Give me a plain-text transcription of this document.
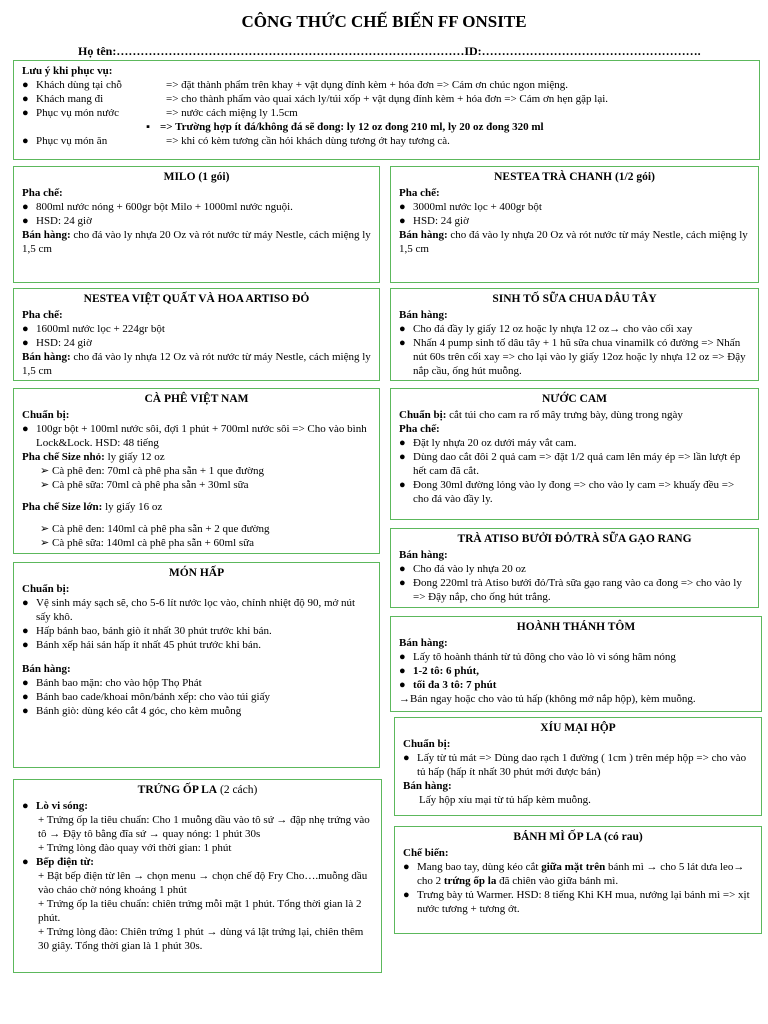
CÔNG THỨC CHẾ BIẾN FF ONSITE
Họ tên:……………………………………………………………………………ID:……………………………………………….
Lưu ý khi phục vụ:
● Khách dùng tại chỗ	=> đặt thành phẩm trên khay + vật dụng đính kèm + hóa đơn => Cám ơn chúc ngon miệng.
● Khách mang đi	=> cho thành phẩm vào quai xách ly/túi xốp + vật dụng đính kèm + hóa đơn => Cám ơn hẹn gặp lại.
● Phục vụ món nước	=> nước cách miệng ly 1.5cm
▪ => Trường hợp ít đá/không đá sẽ đong: ly 12 oz đong 210 ml, ly 20 oz đong 320 ml
● Phục vụ món ăn	=> khi có kèm tương cần hỏi khách dùng tương ớt hay tương cà.
MILO (1 gói)
Pha chế:
● 800ml nước nóng + 600gr bột Milo + 1000ml nước nguội.
● HSD: 24 giờ
Bán hàng: cho đá vào ly nhựa 20 Oz và rót nước từ máy Nestle, cách miệng ly 1,5 cm
NESTEA TRÀ CHANH (1/2 gói)
Pha chế:
● 3000ml nước lọc + 400gr bột
● HSD: 24 giờ
Bán hàng: cho đá vào ly nhựa 20 Oz và rót nước từ máy Nestle, cách miệng ly 1,5 cm
NESTEA VIỆT QUẤT VÀ HOA ARTISO ĐỎ
Pha chế:
● 1600ml nước lọc + 224gr bột
● HSD: 24 giờ
Bán hàng: cho đá vào ly nhựa 12 Oz và rót nước từ máy Nestle, cách miệng ly 1,5 cm
SINH TỐ SỮA CHUA DÂU TÂY
Bán hàng:
● Cho đá đầy ly giấy 12 oz hoặc ly nhựa 12 oz→ cho vào cối xay
● Nhấn 4 pump sinh tố dâu tây + 1 hũ sữa chua vinamilk có đường => Nhấn nút 60s trên cối xay => cho lại vào ly giấy 12oz hoặc ly nhựa 12 oz => Đậy nắp cầu, ống hút muỗng.
CÀ PHÊ VIỆT NAM
Chuẩn bị:
● 100gr bột + 100ml nước sôi, đợi 1 phút + 700ml nước sôi => Cho vào bình Lock&Lock. HSD: 48 tiếng
Pha chế Size nhỏ: ly giấy 12 oz
➢ Cà phê đen: 70ml cà phê pha sẵn + 1 que đường
➢ Cà phê sữa: 70ml cà phê pha sẵn + 30ml sữa
Pha chế Size lớn: ly giấy 16 oz
➢ Cà phê đen: 140ml cà phê pha sẵn + 2 que đường
➢ Cà phê sữa: 140ml cà phê pha sẵn + 60ml sữa
NƯỚC CAM
Chuẩn bị: cắt túi cho cam ra rổ mây trưng bày, dùng trong ngày
Pha chế:
● Đặt ly nhựa 20 oz dưới máy vắt cam.
● Dùng dao cắt đôi 2 quả cam => đặt 1/2 quả cam lên máy ép => lần lượt ép hết cam đã cắt.
● Đong 30ml đường lỏng vào ly đong => cho vào ly cam => khuấy đều => cho đá vào đầy ly.
TRÀ ATISO BƯỞI ĐỎ/TRÀ SỮA GẠO RANG
Bán hàng:
● Cho đá vào ly nhựa 20 oz
● Đong 220ml trà Atiso bưởi đỏ/Trà sữa gạo rang vào ca đong => cho vào ly => Đậy nắp, cho ống hút trắng.
MÓN HẤP
Chuẩn bị:
● Vệ sinh máy sạch sẽ, cho 5-6 lít nước lọc vào, chỉnh nhiệt độ 90, mở nút sấy khô.
● Hấp bánh bao, bánh giò ít nhất 30 phút trước khi bán.
● Bánh xếp hải sản hấp ít nhất 45 phút trước khi bán.
Bán hàng:
● Bánh bao mặn: cho vào hộp Thọ Phát
● Bánh bao cade/khoai môn/bánh xếp: cho vào túi giấy
● Bánh giò: dùng kéo cắt 4 góc, cho kèm muỗng
HOÀNH THÁNH TÔM
Bán hàng:
● Lấy tô hoành thánh từ tủ đông cho vào lò vi sóng hâm nóng
● 1-2 tô: 6 phút,
● tối đa 3 tô: 7 phút
→Bán ngay hoặc cho vào tủ hấp (không mở nắp hộp), kèm muỗng.
XÍU MẠI HỘP
Chuẩn bị:
● Lấy từ tủ mát => Dùng dao rạch 1 đường ( 1cm ) trên mép hộp => cho vào tủ hấp (hấp ít nhất 30 phút mới được bán)
Bán hàng:
Lấy hộp xíu mại từ tủ hấp kèm muỗng.
TRỨNG ỐP LA (2 cách)
● Lò vi sóng:
+ Trứng ốp la tiêu chuẩn: Cho 1 muỗng dầu vào tô sứ → đập nhẹ trứng vào tô → Đậy tô bằng đĩa sứ → quay nóng: 1 phút 30s
+ Trứng lòng đào quay với thời gian: 1 phút
● Bếp điện từ:
+ Bật bếp điện từ lên → chọn menu → chọn chế độ Fry Cho….muỗng dầu vào chảo chờ nóng khoảng 1 phút
+ Trứng ốp la tiêu chuẩn: chiên trứng mỗi mặt 1 phút. Tổng thời gian là 2 phút.
+ Trứng lòng đào: Chiên trứng 1 phút → dùng vá lật trứng lại, chiên thêm 30 giây. Tổng thời gian là 1 phút 30s.
BÁNH MÌ ỐP LA (có rau)
Chế biến:
● Mang bao tay, dùng kéo cắt giữa mặt trên bánh mì → cho 5 lát dưa leo→ cho 2 trứng ốp la đã chiên vào giữa bánh mì.
● Trưng bày tủ Warmer. HSD: 8 tiếng Khi KH mua, nướng lại bánh mì => xịt nước tương + tương ớt.
